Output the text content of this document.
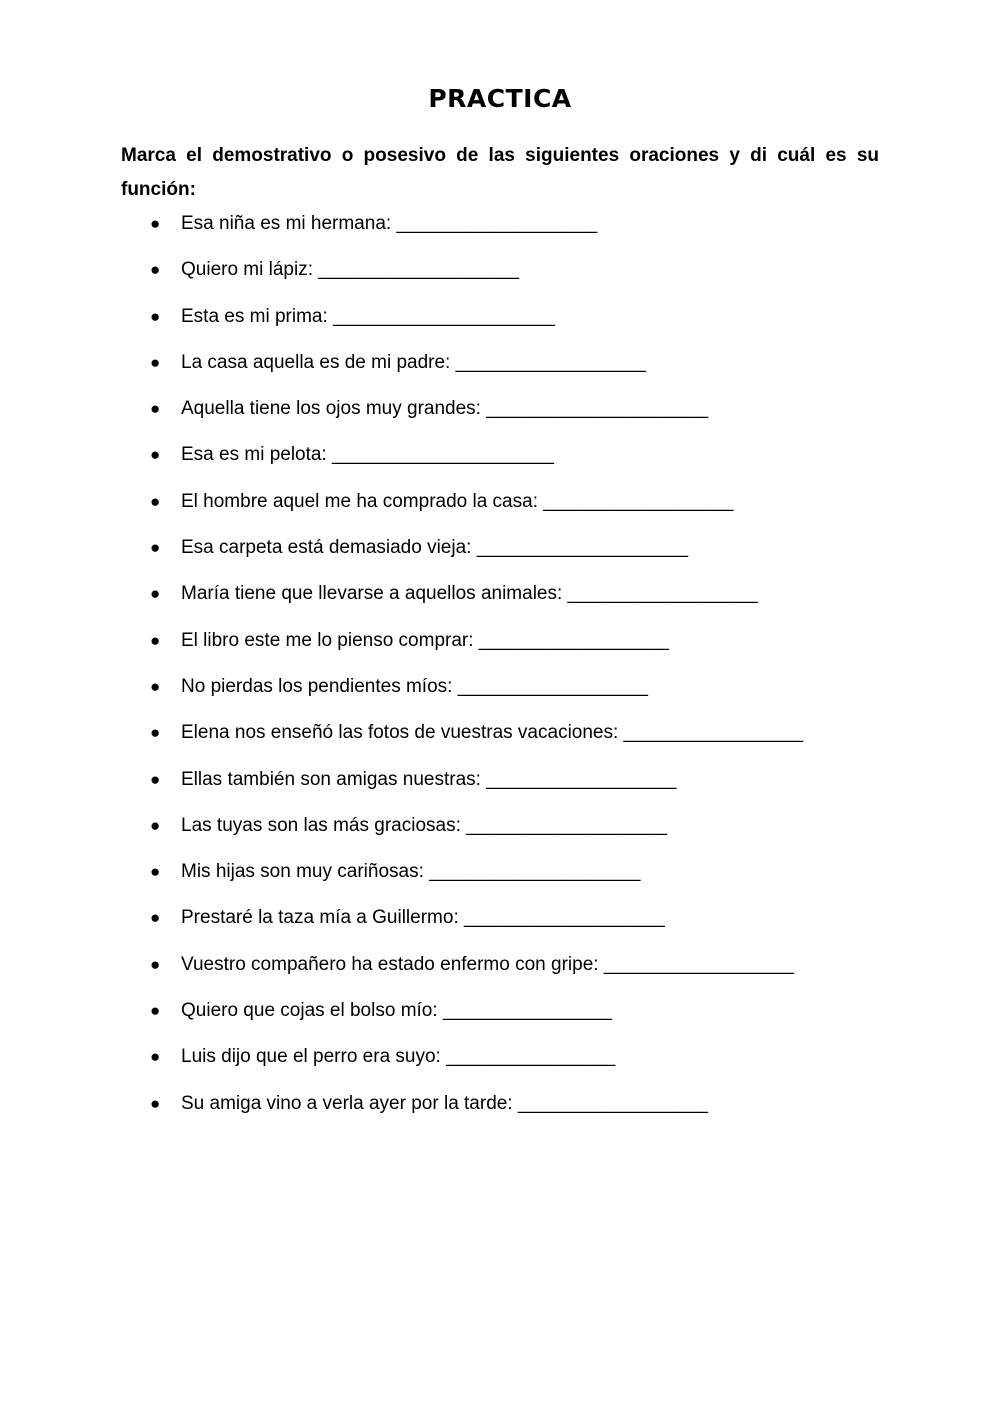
PRACTICA

Marca el demostrativo o posesivo de las siguientes oraciones y di cuál es su función:

● Esa niña es mi hermana: ___________________
● Quiero mi lápiz: ___________________
● Esta es mi prima: _____________________
● La casa aquella es de mi padre: __________________
● Aquella tiene los ojos muy grandes: _____________________
● Esa es mi pelota: _____________________
● El hombre aquel me ha comprado la casa: __________________
● Esa carpeta está demasiado vieja: ____________________
● María tiene que llevarse a aquellos animales: __________________
● El libro este me lo pienso comprar: __________________
● No pierdas los pendientes míos: __________________
● Elena nos enseñó las fotos de vuestras vacaciones: _________________
● Ellas también son amigas nuestras: __________________
● Las tuyas son las más graciosas: ___________________
● Mis hijas son muy cariñosas: ____________________
● Prestaré la taza mía a Guillermo: ___________________
● Vuestro compañero ha estado enfermo con gripe: __________________
● Quiero que cojas el bolso mío: ________________
● Luis dijo que el perro era suyo: ________________
● Su amiga vino a verla ayer por la tarde: __________________
